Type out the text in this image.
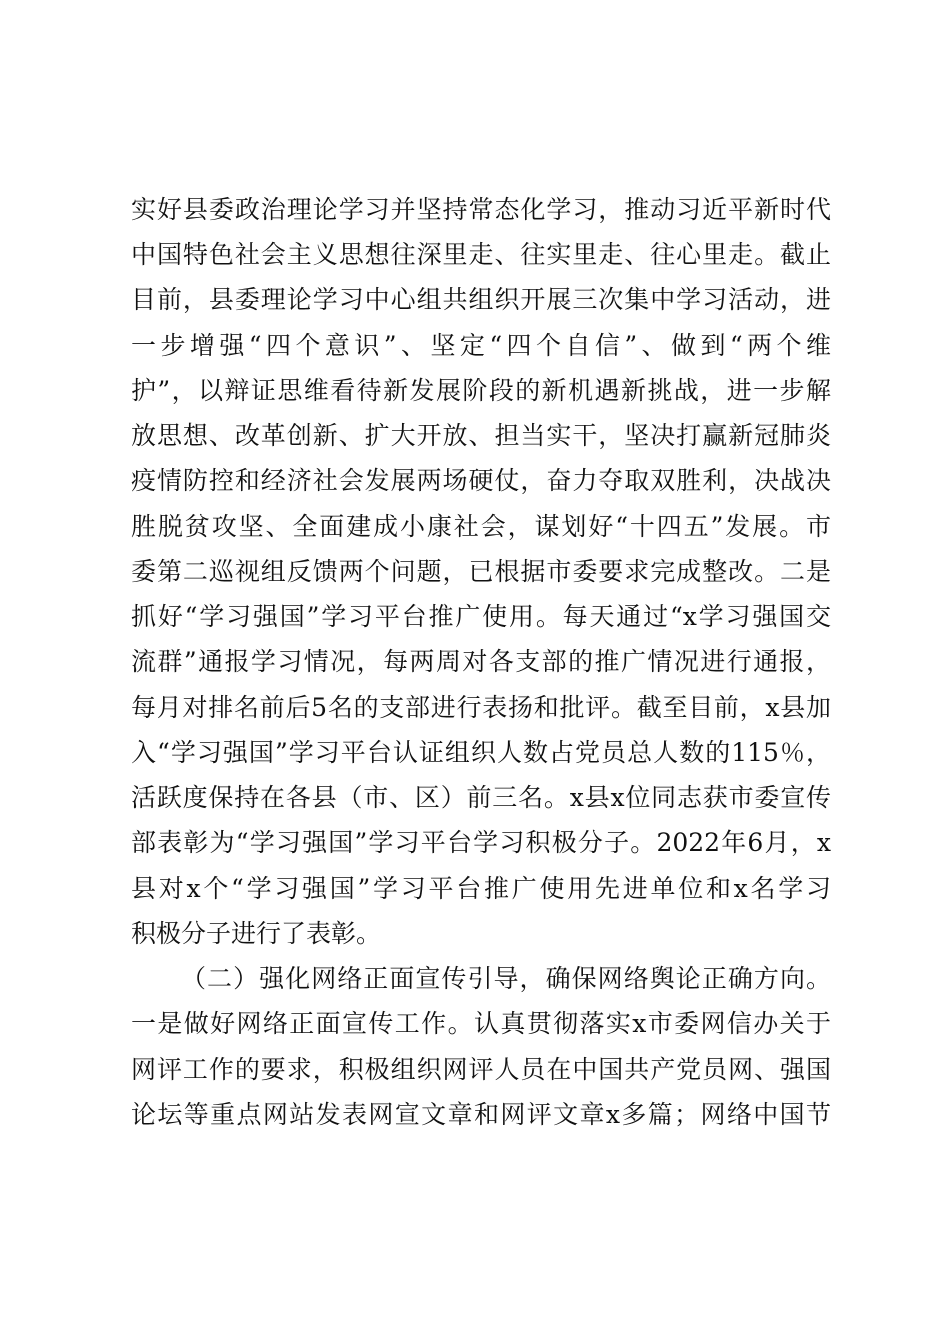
实好县委政治理论学习并坚持常态化学习，推动习近平新时代
中国特色社会主义思想往深里走、往实里走、往心里走。截止
目前，县委理论学习中心组共组织开展三次集中学习活动，进
一步增强“四个意识”、坚定“四个自信”、做到“两个维
护”，以辩证思维看待新发展阶段的新机遇新挑战，进一步解
放思想、改革创新、扩大开放、担当实干，坚决打赢新冠肺炎
疫情防控和经济社会发展两场硬仗，奋力夺取双胜利，决战决
胜脱贫攻坚、全面建成小康社会，谋划好“十四五”发展。市
委第二巡视组反馈两个问题，已根据市委要求完成整改。二是
抓好“学习强国”学习平台推广使用。每天通过“x学习强国交
流群”通报学习情况，每两周对各支部的推广情况进行通报，
每月对排名前后5名的支部进行表扬和批评。截至目前，x县加
入“学习强国”学习平台认证组织人数占党员总人数的115％，
活跃度保持在各县（市、区）前三名。x县x位同志获市委宣传
部表彰为“学习强国”学习平台学习积极分子。2022年6月，x
县对x个“学习强国”学习平台推广使用先进单位和x名学习
积极分子进行了表彰。
（二）强化网络正面宣传引导，确保网络舆论正确方向。
一是做好网络正面宣传工作。认真贯彻落实x市委网信办关于
网评工作的要求，积极组织网评人员在中国共产党员网、强国
论坛等重点网站发表网宣文章和网评文章x多篇；网络中国节
